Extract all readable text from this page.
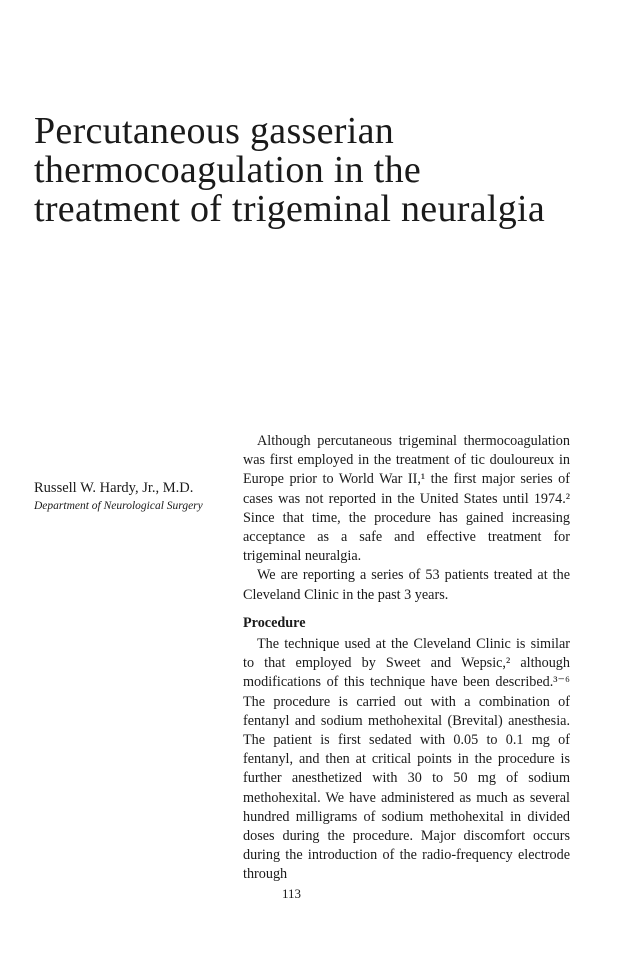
Percutaneous gasserian
thermocoagulation in the
treatment of trigeminal neuralgia
Russell W. Hardy, Jr., M.D.
Department of Neurological Surgery

Although percutaneous trigeminal thermocoagulation was first employed in the treatment of tic douloureux in Europe prior to World War II,¹ the first major series of cases was not reported in the United States until 1974.² Since that time, the procedure has gained increasing acceptance as a safe and effective treatment for trigeminal neuralgia.

We are reporting a series of 53 patients treated at the Cleveland Clinic in the past 3 years.

Procedure

The technique used at the Cleveland Clinic is similar to that employed by Sweet and Wepsic,² although modifications of this technique have been described.³⁻⁶ The procedure is carried out with a combination of fentanyl and sodium methohexital (Brevital) anesthesia. The patient is first sedated with 0.05 to 0.1 mg of fentanyl, and then at critical points in the procedure is further anesthetized with 30 to 50 mg of sodium methohexital. We have administered as much as several hundred milligrams of sodium methohexital in divided doses during the procedure. Major discomfort occurs during the introduction of the radio-frequency electrode through

113
